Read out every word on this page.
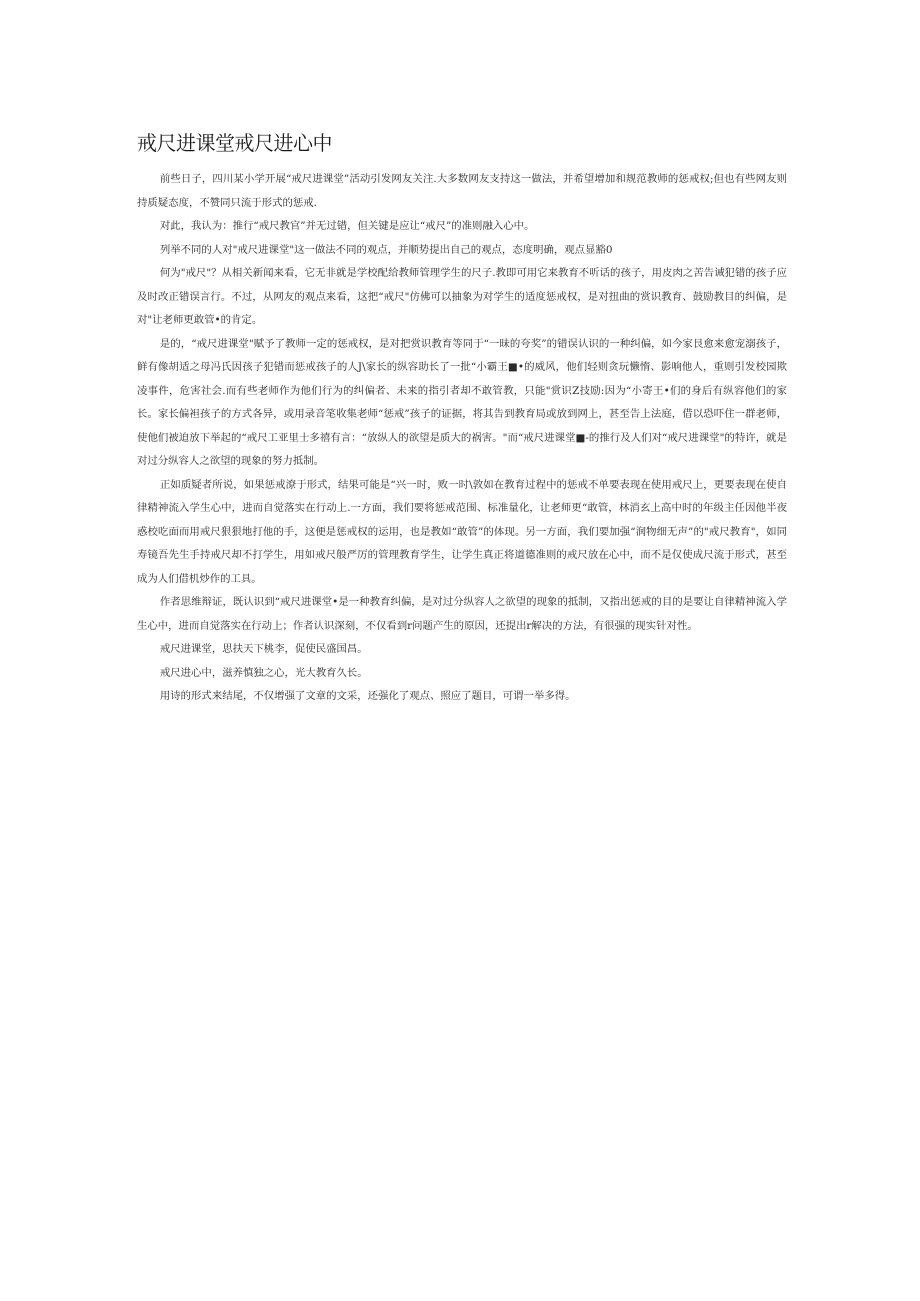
戒尺进课堂戒尺进心中

前些日子，四川某小学开展“戒尺进课堂”活动引发网友关注.大多数网友支持这一做法，并希望增加和规范教师的惩戒权;但也有些网友则持质疑态度，不赞同只流于形式的惩戒.

对此，我认为：推行“戒尺教官”并无过错，但关键是应让“戒尺”的准则融入心中。

列举不同的人对"戒尺进课堂"这一做法不同的观点，并顺势提出自己的观点，态度明确，观点显豁0

何为"戒尺"？从相关新闻来看，它无非就是学校配给教师管理学生的尺子.教即可用它来教育不听话的孩子，用皮肉之苦告诫犯错的孩子应及时改正错误言行。不过，从网友的观点来看，这把“戒尺"仿佛可以抽象为对学生的适度惩戒权，是对扭曲的赏识教育、鼓励教目的纠偏，是对"让老师更敢管•的肯定。

是的，“戒尺进课堂"赋予了教师一定的惩戒权，是对把赏识教育等同于“一昧的夸奖”的错误认识的一种纠偏，如今家艮愈来愈宠溺孩子，鲜有像胡适之母冯氏因孩子犯错而惩戒孩子的人J\家长的纵容助长了一批“小霸王■•的威风，他们轻则贪玩懒惰、影响他人，重则引发校园欺凌事件，危害社会.而有些老师作为他们行为的纠偏者、未来的指引者却不敢管教，只能"赏识Z技励:因为“小寄王•们的身后有纵容他们的家长。家长偏袒孩子的方式各异，或用录音笔收集老师“惩戒”孩子的证据，将其告到教育局或放到网上，甚至告上法庭，借以恐吓住一群老师，使他们被迫放下举起的“戒尺工亚里士多禧有言：“放纵人的欲望是质大的祸害。"而“戒尺进课堂■-的推行及人们对“戒尺进课堂"的特许，就是对过分纵容人之欲望的现象的努力抵制。

正如质疑者所说，如果惩戒潦于形式，结果可能是“兴一时，败一时\敦如在教育过程中的惩戒不单要表现在使用戒尺上，更要表现在使自律精神流入学生心中，进而自觉落实在行动上.一方面，我们要将惩戒范围、标准量化，让老师更“敢管，林消玄上高中时的年级主任因他半夜惑校吃面而用戒尺狠狠地打他的手，这便是惩戒权的运用，也是教如“敢管”的体现。另一方面，我们要加强“润物细无声”的"戒尺教育"，如同寿镜吾先生手持戒尺却不打学生，用如戒尺般严厉的管理教育学生，让学生真正将道德准则的戒尺放在心中，而不是仅使成尺流于形式，甚至成为人们借机炒作的工具。

作者思维辩证，既认识到“戒尺进课堂•是一种教育纠偏，是对过分纵容人之欲望的现象的抵制，又指出惩戒的目的是要让自律精神流入学生心中，进而自觉落实在行动上；作者认识深刻，不仅看到r问题产生的原因，还提出r解决的方法，有很强的现实针对性。

戒尺进课堂，思扶天下桃李，促使民盛国昌。

戒尺进心中，滋养慎独之心，光大教育久长。

用诗的形式来结尾，不仅增强了文章的文采，还强化了观点、照应了题目，可谓一举多得。
